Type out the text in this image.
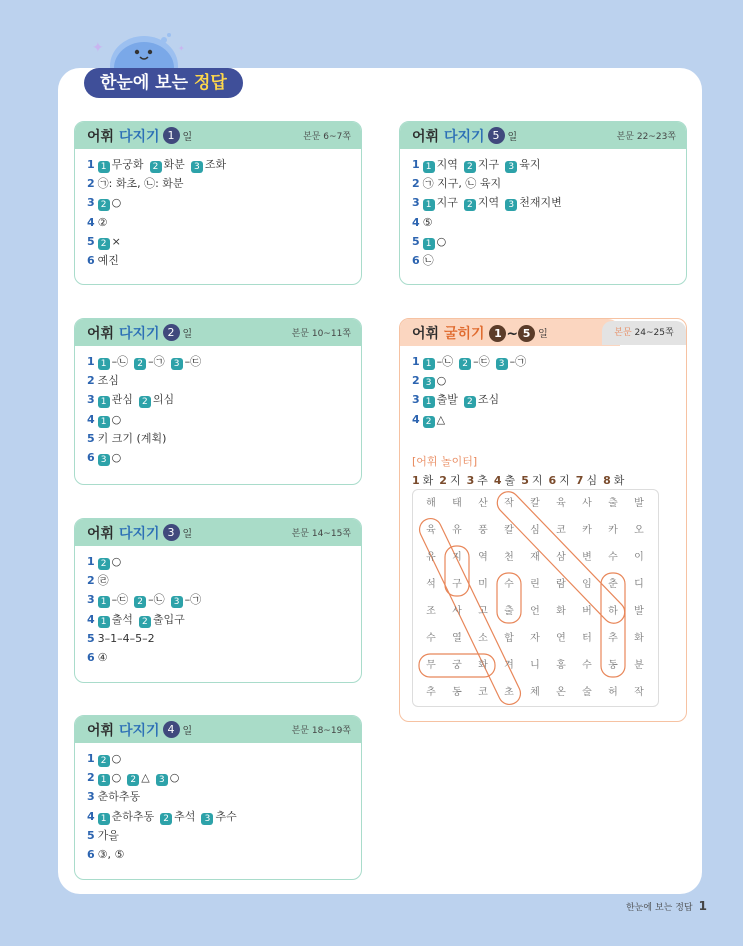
✦	✦
한눈에 보는 정답
어휘 다지기 1 일	본문 6~7쪽
1 1 무궁화 2 화분 3 조화
2 ㉠: 화초, ㉡: 화분
3 2 ○
4 ②
5 2 ×
6 예진
어휘 다지기 2 일	본문 10~11쪽
1 1 –㉡ 2 –㉠ 3 –㉢
2 조심
3 1 관심 2 의심
4 1 ○
5 키 크기 (계획)
6 3 ○
어휘 다지기 3 일	본문 14~15쪽
1 2 ○
2 ㉣
3 1 –㉢ 2 –㉡ 3 –㉠
4 1 출석 2 출입구
5 3–1–4–5–2
6 ④
어휘 다지기 4 일	본문 18~19쪽
1 2 ○
2 1 ○ 2 △ 3 ○
3 춘하추동
4 1 춘하추동 2 추석 3 추수
5 가을
6 ③, ⑤
어휘 다지기 5 일	본문 22~23쪽
1 1 지역 2 지구 3 육지
2 ㉠ 지구, ㉡ 육지
3 1 지구 2 지역 3 천재지변
4 ⑤
5 1 ○
6 ㉡
어휘 굴히기 1 ~ 5 일	본문 24~25쪽
1 1 –㉡ 2 –㉢ 3 –㉠
2 3 ○
3 1 출발 2 조심
4 2 △
[어휘 놀이터]
1 화 2 지 3 추 4 출 5 지 6 지 7 심 8 화
해	태	산	작	칼	육	사	출	발
육	유	풍	칼	심	코	카	카	오
유	지	역	천	재	삼	변	수	이
석	구	미	수	린	람	임	춘	디
조	사	고	출	언	화	버	하	발
수	열	소	합	자	연	터	추	화
무	궁	화	겨	니	홍	수	동	분
추	동	코	초	체	온	술	허	작
한눈에 보는 정답 1
